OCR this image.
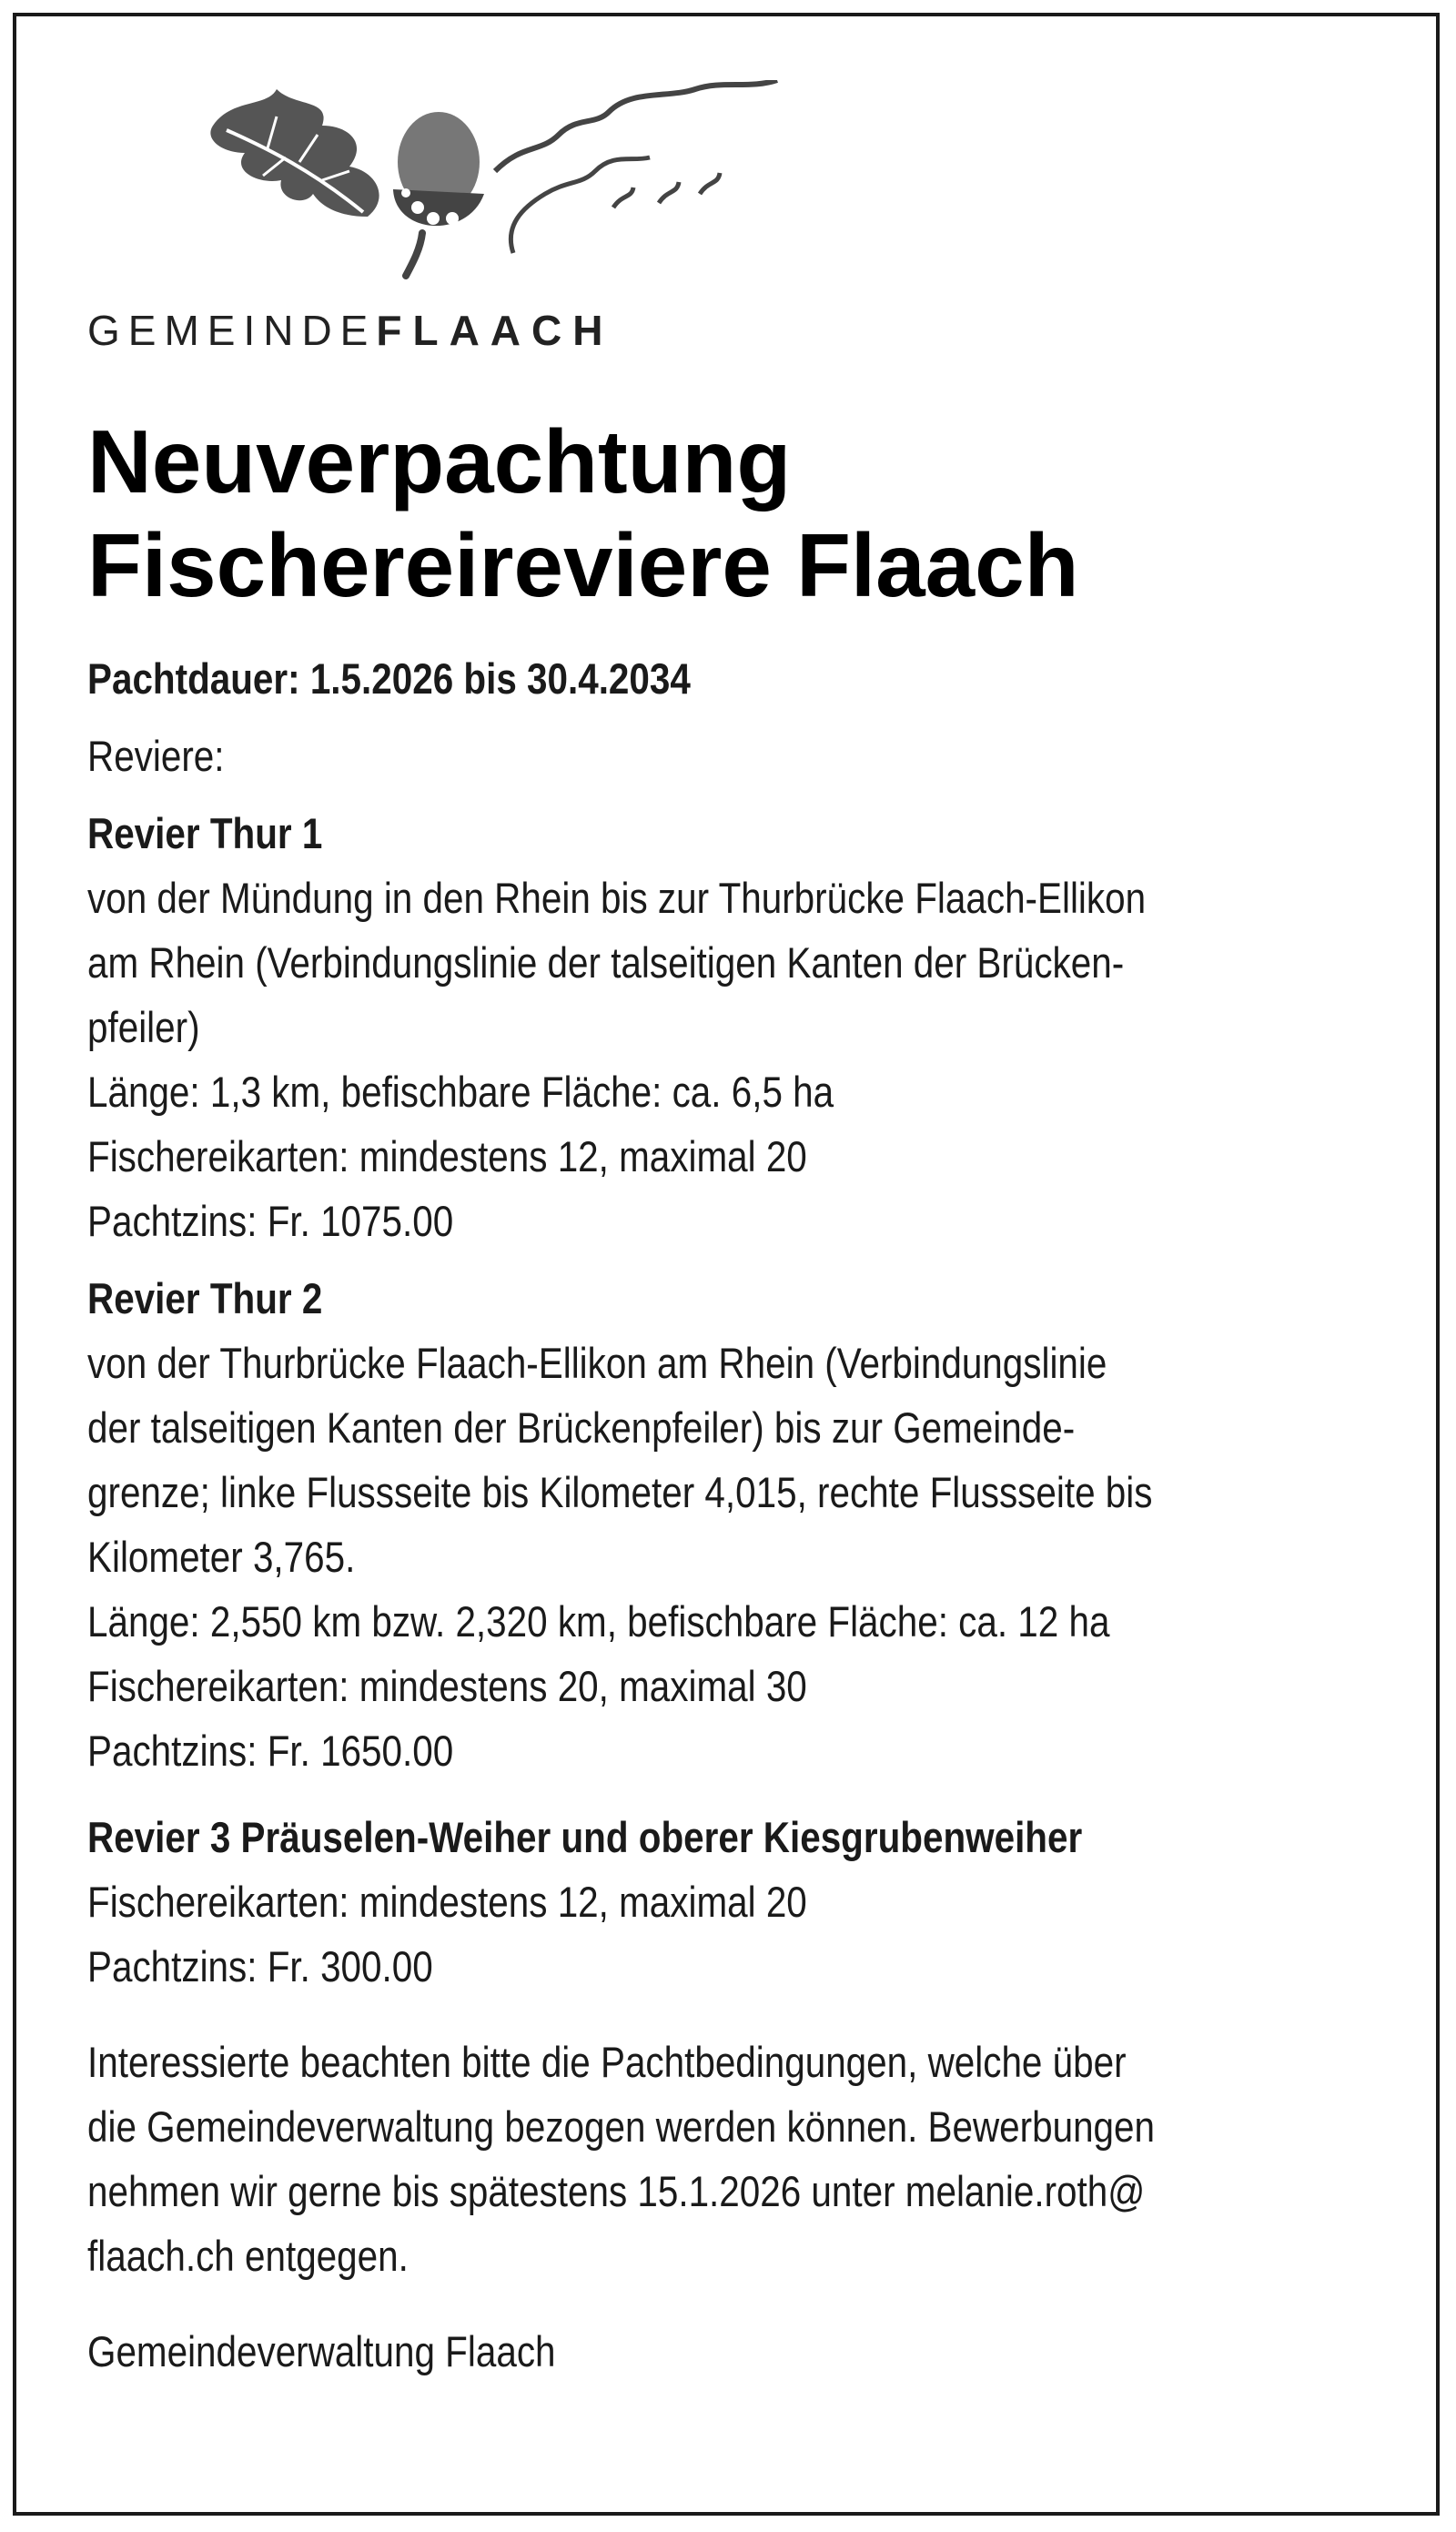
GEMEINDEFLAACH
Neuverpachtung
Fischereireviere Flaach

Pachtdauer: 1.5.2026 bis 30.4.2034

Reviere:

Revier Thur 1

von der Mündung in den Rhein bis zur Thurbrücke Flaach-Ellikon

am Rhein (Verbindungslinie der talseitigen Kanten der Brücken-

pfeiler)

Länge: 1,3 km, befischbare Fläche: ca. 6,5 ha

Fischereikarten: mindestens 12, maximal 20

Pachtzins: Fr. 1075.00

Revier Thur 2

von der Thurbrücke Flaach-Ellikon am Rhein (Verbindungslinie

der talseitigen Kanten der Brückenpfeiler) bis zur Gemeinde-

grenze; linke Flussseite bis Kilometer 4,015, rechte Flussseite bis

Kilometer 3,765.

Länge: 2,550 km bzw. 2,320 km, befischbare Fläche: ca. 12 ha

Fischereikarten: mindestens 20, maximal 30

Pachtzins: Fr. 1650.00

Revier 3 Präuselen-Weiher und oberer Kiesgrubenweiher

Fischereikarten: mindestens 12, maximal 20

Pachtzins: Fr. 300.00

Interessierte beachten bitte die Pachtbedingungen, welche über

die Gemeindeverwaltung bezogen werden können. Bewerbungen

nehmen wir gerne bis spätestens 15.1.2026 unter melanie.roth@

flaach.ch entgegen.

Gemeindeverwaltung Flaach
